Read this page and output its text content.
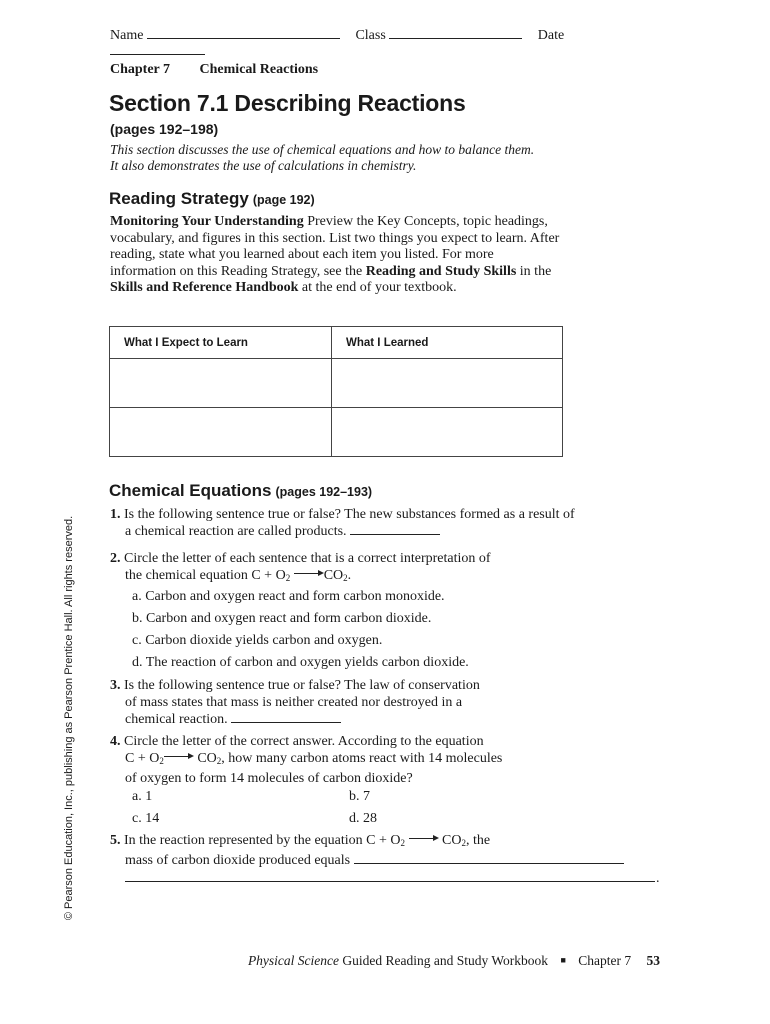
Name	Class	Date
Chapter 7 Chemical Reactions
Section 7.1 Describing Reactions
(pages 192–198)
This section discusses the use of chemical equations and how to balance them.
It also demonstrates the use of calculations in chemistry.
Reading Strategy (page 192)
Monitoring Your Understanding Preview the Key Concepts, topic headings, vocabulary, and figures in this section. List two things you expect to learn. After reading, state what you learned about each item you listed. For more information on this Reading Strategy, see the Reading and Study Skills in the Skills and Reference Handbook at the end of your textbook.
What I Expect to Learn	What I Learned

Chemical Equations (pages 192–193)
1. Is the following sentence true or false? The new substances formed as a result of a chemical reaction are called products.
2. Circle the letter of each sentence that is a correct interpretation of
the chemical equation $C + O_2$ $CO_2$.
a. Carbon and oxygen react and form carbon monoxide.
b. Carbon and oxygen react and form carbon dioxide.
c. Carbon dioxide yields carbon and oxygen.
d. The reaction of carbon and oxygen yields carbon dioxide.
3. Is the following sentence true or false? The law of conservation
of mass states that mass is neither created nor destroyed in a
chemical reaction.
4. Circle the letter of the correct answer. According to the equation
$C + O_2$ $CO_2$, how many carbon atoms react with 14 molecules
of oxygen to form 14 molecules of carbon dioxide?
a. 1	b. 7
c. 14	d. 28
5. In the reaction represented by the equation $C + O_2$	$CO_2$, the
mass of carbon dioxide produced equals
.
© Pearson Education, Inc., publishing as Pearson Prentice Hall. All rights reserved.
Physical Science Guided Reading and Study Workbook ■ Chapter 7 53
